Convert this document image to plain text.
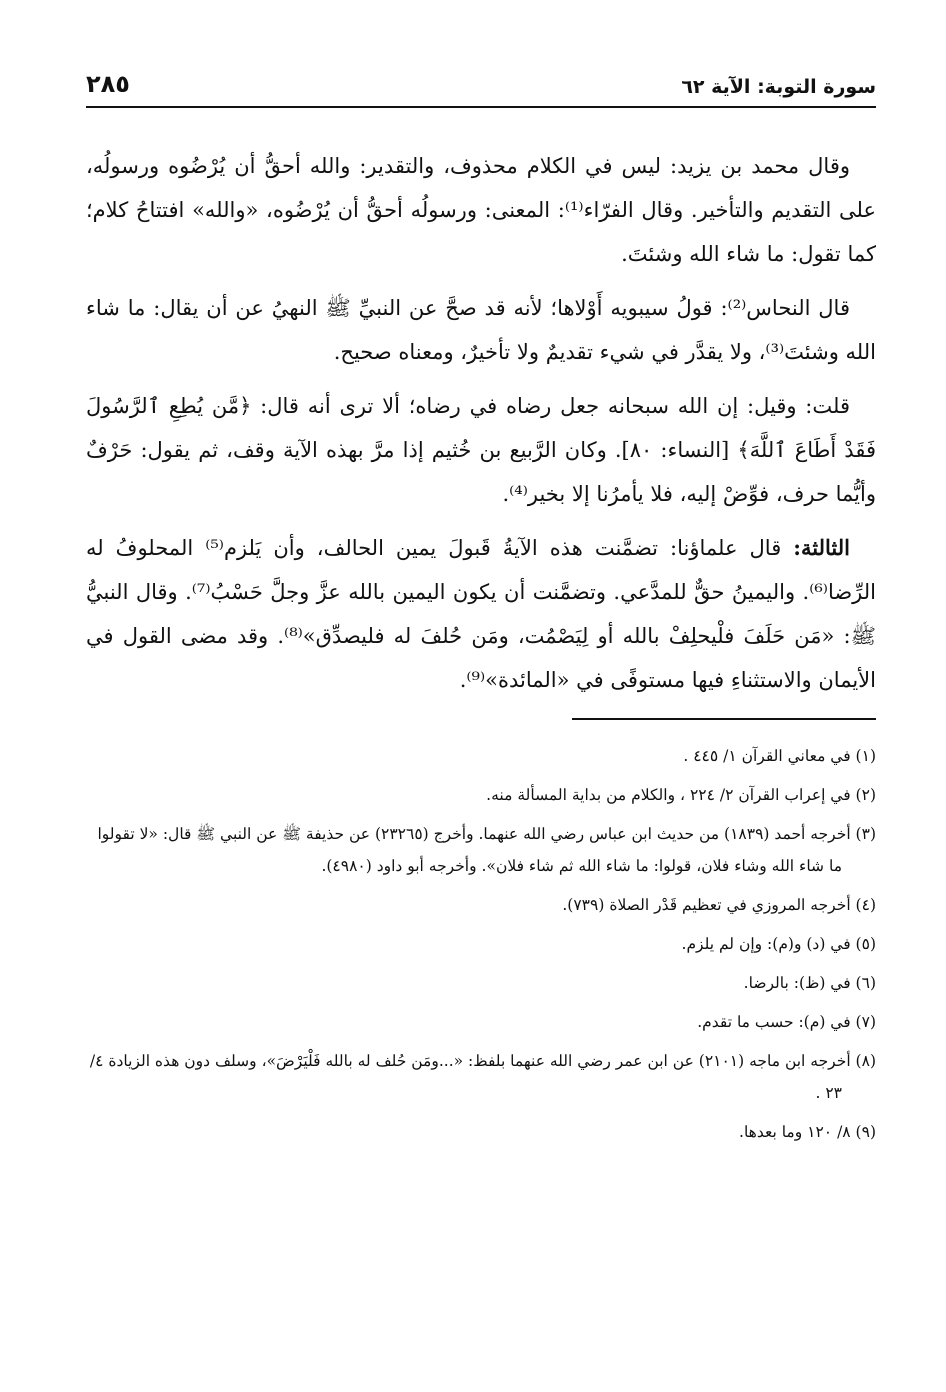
٢٨٥	سورة التوبة: الآية ٦٢

وقال محمد بن يزيد: ليس في الكلام محذوف، والتقدير: والله أحقُّ أن يُرْضُوه ورسولُه، على التقديم والتأخير. وقال الفرّاء⁽¹⁾: المعنى: ورسولُه أحقُّ أن يُرْضُوه، «والله» افتتاحُ كلام؛ كما تقول: ما شاء الله وشئتَ.

قال النحاس⁽²⁾: قولُ سيبويه أَوْلاها؛ لأنه قد صحَّ عن النبيِّ ﷺ النهيُ عن أن يقال: ما شاء الله وشئتَ⁽³⁾، ولا يقدَّر في شيء تقديمٌ ولا تأخيرٌ، ومعناه صحيح.

قلت: وقيل: إن الله سبحانه جعل رضاه في رضاه؛ ألا ترى أنه قال: ﴿مَّن يُطِعِ ٱلرَّسُولَ فَقَدْ أَطَاعَ ٱللَّهَ﴾ [النساء: ٨٠]. وكان الرَّبيع بن خُثيم إذا مرَّ بهذه الآية وقف، ثم يقول: حَرْفٌ وأيُّما حرف، فوِّضْ إليه، فلا يأمرُنا إلا بخير⁽⁴⁾.

الثالثة: قال علماؤنا: تضمَّنت هذه الآيةُ قَبولَ يمين الحالف، وأن يَلزم⁽⁵⁾ المحلوفُ له الرِّضا⁽⁶⁾. واليمينُ حقٌّ للمدَّعي. وتضمَّنت أن يكون اليمين بالله عزَّ وجلَّ حَسْبُ⁽⁷⁾. وقال النبيُّ ﷺ: «مَن حَلَفَ فلْيحلِفْ بالله أو لِيَصْمُت، ومَن حُلفَ له فليصدِّق»⁽⁸⁾. وقد مضى القول في الأيمان والاستثناءِ فيها مستوفًى في «المائدة»⁽⁹⁾.

(١) في معاني القرآن ١/ ٤٤٥ .

(٢) في إعراب القرآن ٢/ ٢٢٤ ، والكلام من بداية المسألة منه.

(٣) أخرجه أحمد (١٨٣٩) من حديث ابن عباس رضي الله عنهما. وأخرج (٢٣٢٦٥) عن حذيفة ﷺ عن النبي ﷺ قال: «لا تقولوا ما شاء الله وشاء فلان، قولوا: ما شاء الله ثم شاء فلان». وأخرجه أبو داود (٤٩٨٠).

(٤) أخرجه المروزي في تعظيم قَدْر الصلاة (٧٣٩).

(٥) في (د) و(م): وإن لم يلزم.

(٦) في (ظ): بالرضا.

(٧) في (م): حسب ما تقدم.

(٨) أخرجه ابن ماجه (٢١٠١) عن ابن عمر رضي الله عنهما بلفظ: «...ومَن حُلف له بالله فَلْيَرْضَ»، وسلف دون هذه الزيادة ٤/ ٢٣ .

(٩) ٨/ ١٢٠ وما بعدها.
